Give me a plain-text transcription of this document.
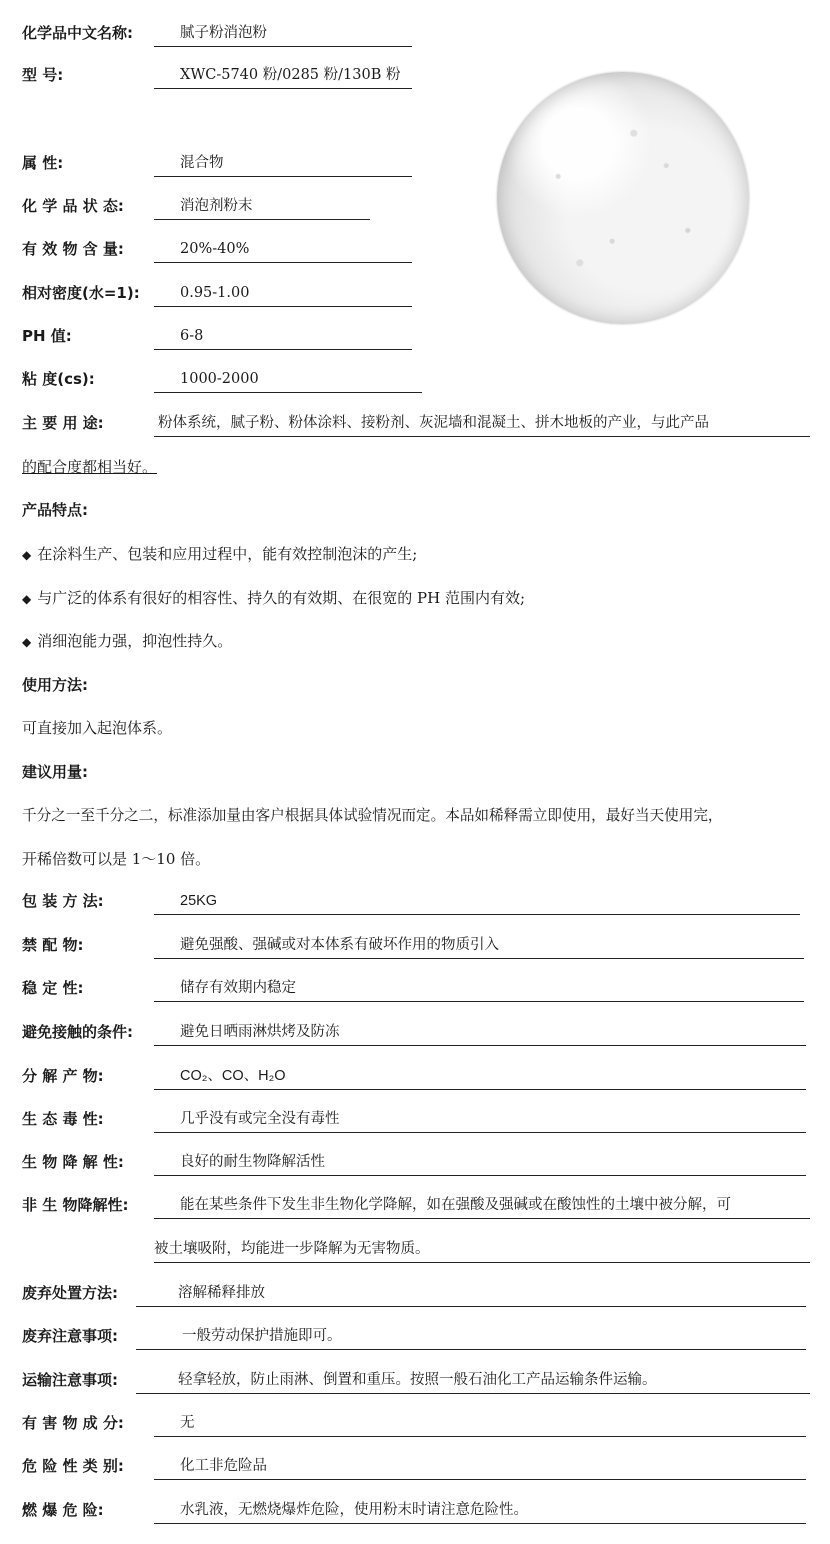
化学品中文名称:	腻子粉消泡粉
型 号:	XWC-5740 粉/0285 粉/130B 粉
属 性:	混合物
化 学 品 状 态:	消泡剂粉末
有 效 物 含 量:	20%-40%
相对密度(水=1):	0.95-1.00
PH 值:	6-8
粘 度(cs):	1000-2000
主 要 用 途:	粉体系统，腻子粉、粉体涂料、接粉剂、灰泥墙和混凝土、拼木地板的产业，与此产品
的配合度都相当好。
产品特点:
◆ 在涂料生产、包装和应用过程中，能有效控制泡沫的产生;
◆ 与广泛的体系有很好的相容性、持久的有效期、在很宽的 PH 范围内有效;
◆ 消细泡能力强，抑泡性持久。
使用方法:
可直接加入起泡体系。
建议用量:
千分之一至千分之二，标准添加量由客户根据具体试验情况而定。本品如稀释需立即使用，最好当天使用完，
开稀倍数可以是 1～10 倍。
包 装 方 法:	25KG
禁 配 物:	避免强酸、强碱或对本体系有破坏作用的物质引入
稳 定 性:	储存有效期内稳定
避免接触的条件:	避免日晒雨淋烘烤及防冻
分 解 产 物:	CO₂、CO、H₂O
生 态 毒 性:	几乎没有或完全没有毒性
生 物 降 解 性:	良好的耐生物降解活性
非 生 物降解性:	能在某些条件下发生非生物化学降解，如在强酸及强碱或在酸蚀性的土壤中被分解，可
被土壤吸附，均能进一步降解为无害物质。
废弃处置方法:	溶解稀释排放
废弃注意事项:	一般劳动保护措施即可。
运输注意事项:	轻拿轻放，防止雨淋、倒置和重压。按照一般石油化工产品运输条件运输。
有 害 物 成 分:	无
危 险 性 类 别:	化工非危险品
燃 爆 危 险:	水乳液，无燃烧爆炸危险，使用粉末时请注意危险性。
